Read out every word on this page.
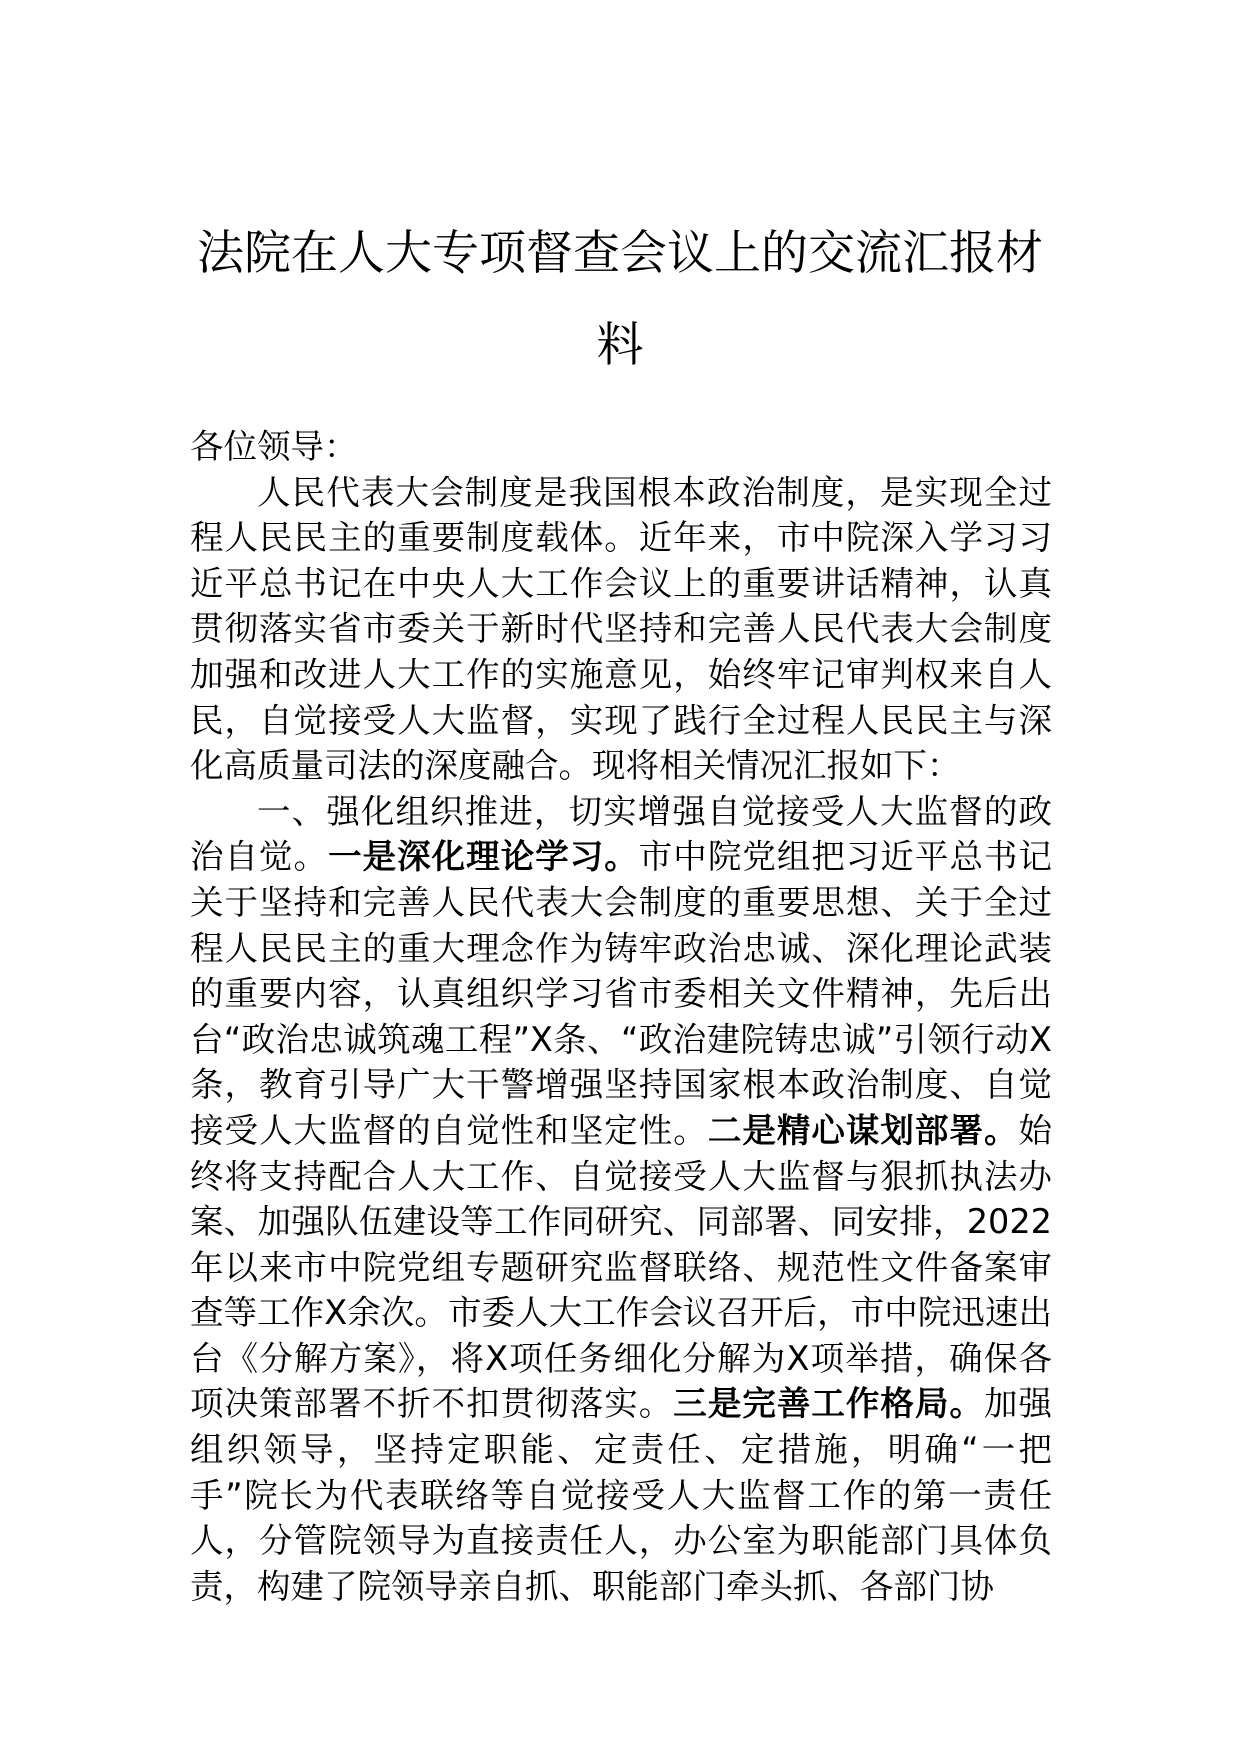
法院在人大专项督查会议上的交流汇报材料

各位领导：

人民代表大会制度是我国根本政治制度，是实现全过程人民民主的重要制度载体。近年来，市中院深入学习习近平总书记在中央人大工作会议上的重要讲话精神，认真贯彻落实省市委关于新时代坚持和完善人民代表大会制度加强和改进人大工作的实施意见，始终牢记审判权来自人民，自觉接受人大监督，实现了践行全过程人民民主与深化高质量司法的深度融合。现将相关情况汇报如下：

一、强化组织推进，切实增强自觉接受人大监督的政治自觉。一是深化理论学习。市中院党组把习近平总书记关于坚持和完善人民代表大会制度的重要思想、关于全过程人民民主的重大理念作为铸牢政治忠诚、深化理论武装的重要内容，认真组织学习省市委相关文件精神，先后出台“政治忠诚筑魂工程”X条、“政治建院铸忠诚”引领行动X条，教育引导广大干警增强坚持国家根本政治制度、自觉接受人大监督的自觉性和坚定性。二是精心谋划部署。始终将支持配合人大工作、自觉接受人大监督与狠抓执法办案、加强队伍建设等工作同研究、同部署、同安排，2022年以来市中院党组专题研究监督联络、规范性文件备案审查等工作X余次。市委人大工作会议召开后，市中院迅速出台《分解方案》，将X项任务细化分解为X项举措，确保各项决策部署不折不扣贯彻落实。三是完善工作格局。加强组织领导，坚持定职能、定责任、定措施，明确“一把手”院长为代表联络等自觉接受人大监督工作的第一责任人，分管院领导为直接责任人，办公室为职能部门具体负责，构建了院领导亲自抓、职能部门牵头抓、各部门协
